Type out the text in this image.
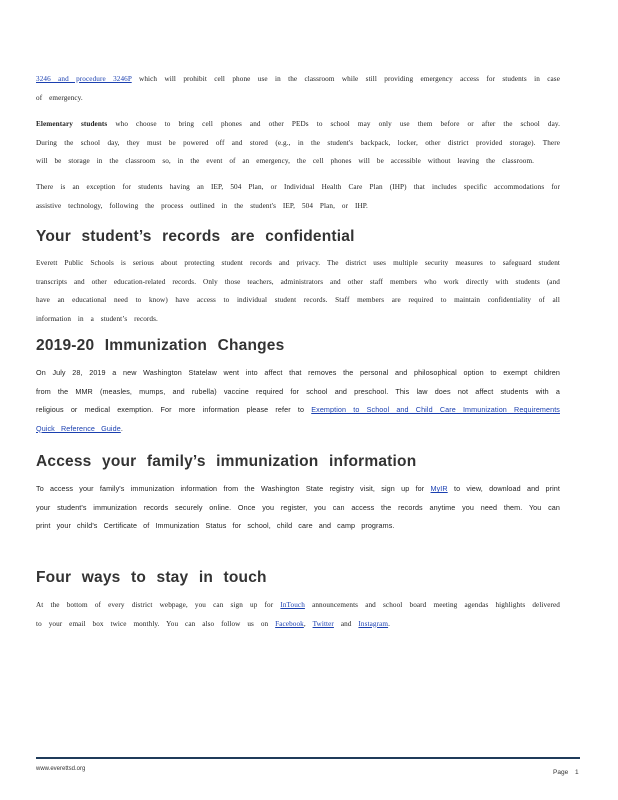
3246 and procedure 3246P which will prohibit cell phone use in the classroom while still providing emergency access for students in case of emergency.
Elementary students who choose to bring cell phones and other PEDs to school may only use them before or after the school day. During the school day, they must be powered off and stored (e.g., in the student's backpack, locker, other district provided storage). There will be storage in the classroom so, in the event of an emergency, the cell phones will be accessible without leaving the classroom.
There is an exception for students having an IEP, 504 Plan, or Individual Health Care Plan (IHP) that includes specific accommodations for assistive technology, following the process outlined in the student's IEP, 504 Plan, or IHP.
Your student’s records are confidential
Everett Public Schools is serious about protecting student records and privacy. The district uses multiple security measures to safeguard student transcripts and other education-related records. Only those teachers, administrators and other staff members who work directly with students (and have an educational need to know) have access to individual student records. Staff members are required to maintain confidentiality of all information in a student’s records.
2019-20 Immunization Changes
On July 28, 2019 a new Washington Statelaw went into affect that removes the personal and philosophical option to exempt children from the MMR (measles, mumps, and rubella) vaccine required for school and preschool. This law does not affect students with a religious or medical exemption. For more information please refer to Exemption to School and Child Care Immunization Requirements Quick Reference Guide.
Access your family’s immunization information
To access your family's immunization information from the Washington State registry visit, sign up for MyIR to view, download and print your student's immunization records securely online. Once you register, you can access the records anytime you need them. You can print your child's Certificate of Immunization Status for school, child care and camp programs.
Four ways to stay in touch
At the bottom of every district webpage, you can sign up for InTouch announcements and school board meeting agendas highlights delivered to your email box twice monthly. You can also follow us on Facebook, Twitter and Instagram.
www.everettsd.org	Page 1
